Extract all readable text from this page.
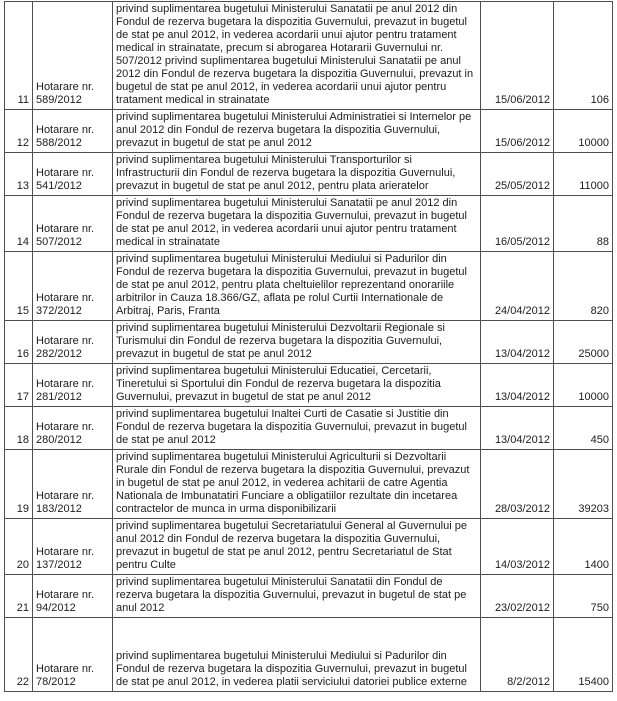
11	Hotarare nr. 589/2012	privind suplimentarea bugetului Ministerului Sanatatii pe anul 2012 din Fondul de rezerva bugetara la dispozitia Guvernului, prevazut in bugetul de stat pe anul 2012, in vederea acordarii unui ajutor pentru tratament medical in strainatate, precum si abrogarea Hotararii Guvernului nr. 507/2012 privind suplimentarea bugetului Ministerului Sanatatii pe anul 2012 din Fondul de rezerva bugetara la dispozitia Guvernului, prevazut in bugetul de stat pe anul 2012, in vederea acordarii unui ajutor pentru tratament medical in strainatate	15/06/2012	106
12	Hotarare nr. 588/2012	privind suplimentarea bugetului Ministerului Administratiei si Internelor pe anul 2012 din Fondul de rezerva bugetara la dispozitia Guvernului, prevazut in bugetul de stat pe anul 2012	15/06/2012	10000
13	Hotarare nr. 541/2012	privind suplimentarea bugetului Ministerului Transporturilor si Infrastructurii din Fondul de rezerva bugetara la dispozitia Guvernului, prevazut in bugetul de stat pe anul 2012, pentru plata arieratelor	25/05/2012	11000
14	Hotarare nr. 507/2012	privind suplimentarea bugetului Ministerului Sanatatii pe anul 2012 din Fondul de rezerva bugetara la dispozitia Guvernului, prevazut in bugetul de stat pe anul 2012, in vederea acordarii unui ajutor pentru tratament medical in strainatate	16/05/2012	88
15	Hotarare nr. 372/2012	privind suplimentarea bugetului Ministerului Mediului si Padurilor din Fondul de rezerva bugetara la dispozitia Guvernului, prevazut in bugetul de stat pe anul 2012, pentru plata cheltuielilor reprezentand onorariile arbitrilor in Cauza 18.366/GZ, aflata pe rolul Curtii Internationale de Arbitraj, Paris, Franta	24/04/2012	820
16	Hotarare nr. 282/2012	privind suplimentarea bugetului Ministerului Dezvoltarii Regionale si Turismului din Fondul de rezerva bugetara la dispozitia Guvernului, prevazut in bugetul de stat pe anul 2012	13/04/2012	25000
17	Hotarare nr. 281/2012	privind suplimentarea bugetului Ministerului Educatiei, Cercetarii, Tineretului si Sportului din Fondul de rezerva bugetara la dispozitia Guvernului, prevazut in bugetul de stat pe anul 2012	13/04/2012	10000
18	Hotarare nr. 280/2012	privind suplimentarea bugetului Inaltei Curti de Casatie si Justitie din Fondul de rezerva bugetara la dispozitia Guvernului, prevazut in bugetul de stat pe anul 2012	13/04/2012	450
19	Hotarare nr. 183/2012	privind suplimentarea bugetului Ministerului Agriculturii si Dezvoltarii Rurale din Fondul de rezerva bugetara la dispozitia Guvernului, prevazut in bugetul de stat pe anul 2012, in vederea achitarii de catre Agentia Nationala de Imbunatatiri Funciare a obligatiilor rezultate din incetarea contractelor de munca in urma disponibilizarii	28/03/2012	39203
20	Hotarare nr. 137/2012	privind suplimentarea bugetului Secretariatului General al Guvernului pe anul 2012 din Fondul de rezerva bugetara la dispozitia Guvernului, prevazut in bugetul de stat pe anul 2012, pentru Secretariatul de Stat pentru Culte	14/03/2012	1400
21	Hotarare nr. 94/2012	privind suplimentarea bugetului Ministerului Sanatatii din Fondul de rezerva bugetara la dispozitia Guvernului, prevazut in bugetul de stat pe anul 2012	23/02/2012	750
22	Hotarare nr. 78/2012	privind suplimentarea bugetului Ministerului Mediului si Padurilor din Fondul de rezerva bugetara la dispozitia Guvernului, prevazut in bugetul de stat pe anul 2012, in vederea platii serviciului datoriei publice externe	8/2/2012	15400
